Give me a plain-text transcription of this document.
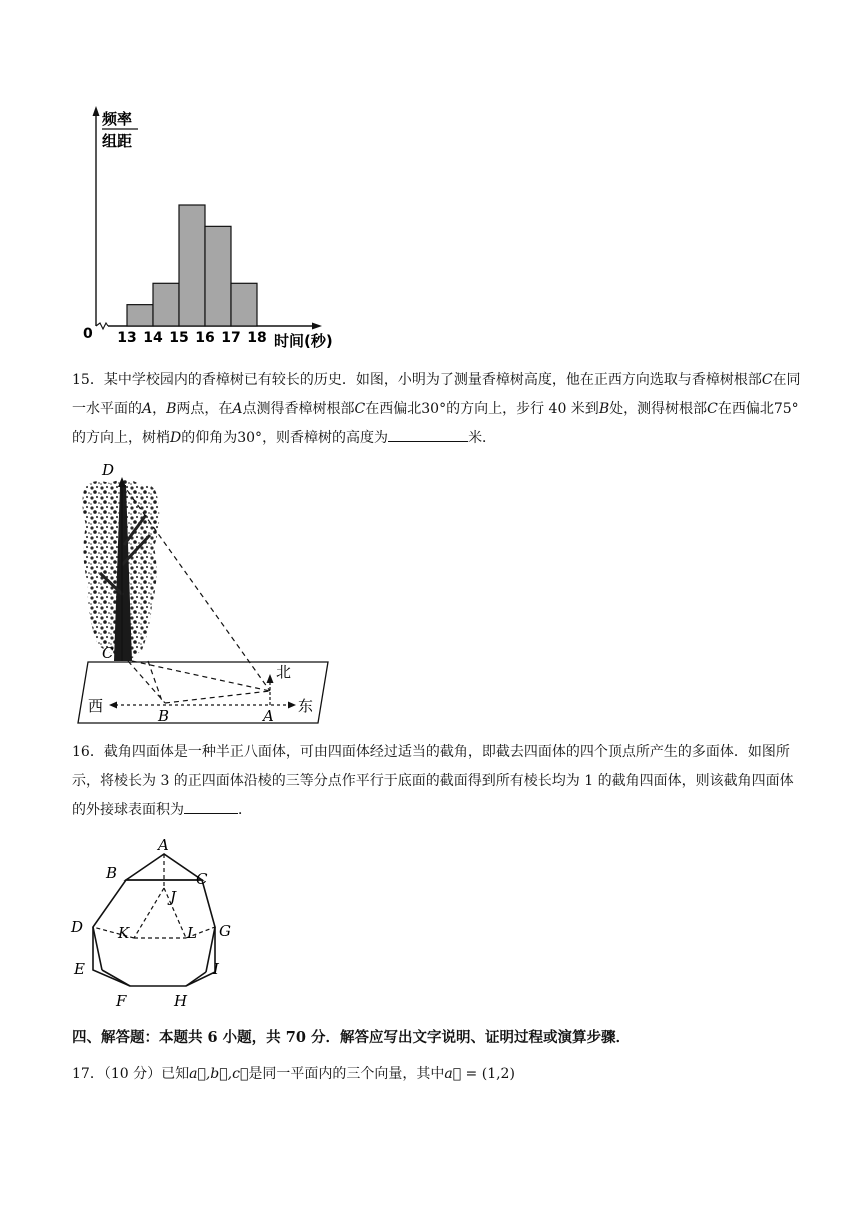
频率
组距
0 13 14 15 16 17 18 时间(秒)
15．某中学校园内的香樟树已有较长的历史．如图，小明为了测量香樟树高度，他在正西方向选取与香樟树根部C在同一水平面的A，B两点，在A点测得香樟树根部C在西偏北30°的方向上，步行 40 米到B处，测得树根部C在西偏北75°的方向上，树梢D的仰角为30°，则香樟树的高度为	米．
D
C
B	A
北
西	东
16．截角四面体是一种半正八面体，可由四面体经过适当的截角，即截去四面体的四个顶点所产生的多面体．如图所示，将棱长为 3 的正四面体沿棱的三等分点作平行于底面的截面得到所有棱长均为 1 的截角四面体，则该截角四面体的外接球表面积为	．
A
B	C
J
D K	L G
E	I
F	H
四、解答题：本题共 6 小题，共 70 分．解答应写出文字说明、证明过程或演算步骤．
17．（10 分）已知a⃗,b⃗,c⃗是同一平面内的三个向量，其中a⃗ = (1,2)
